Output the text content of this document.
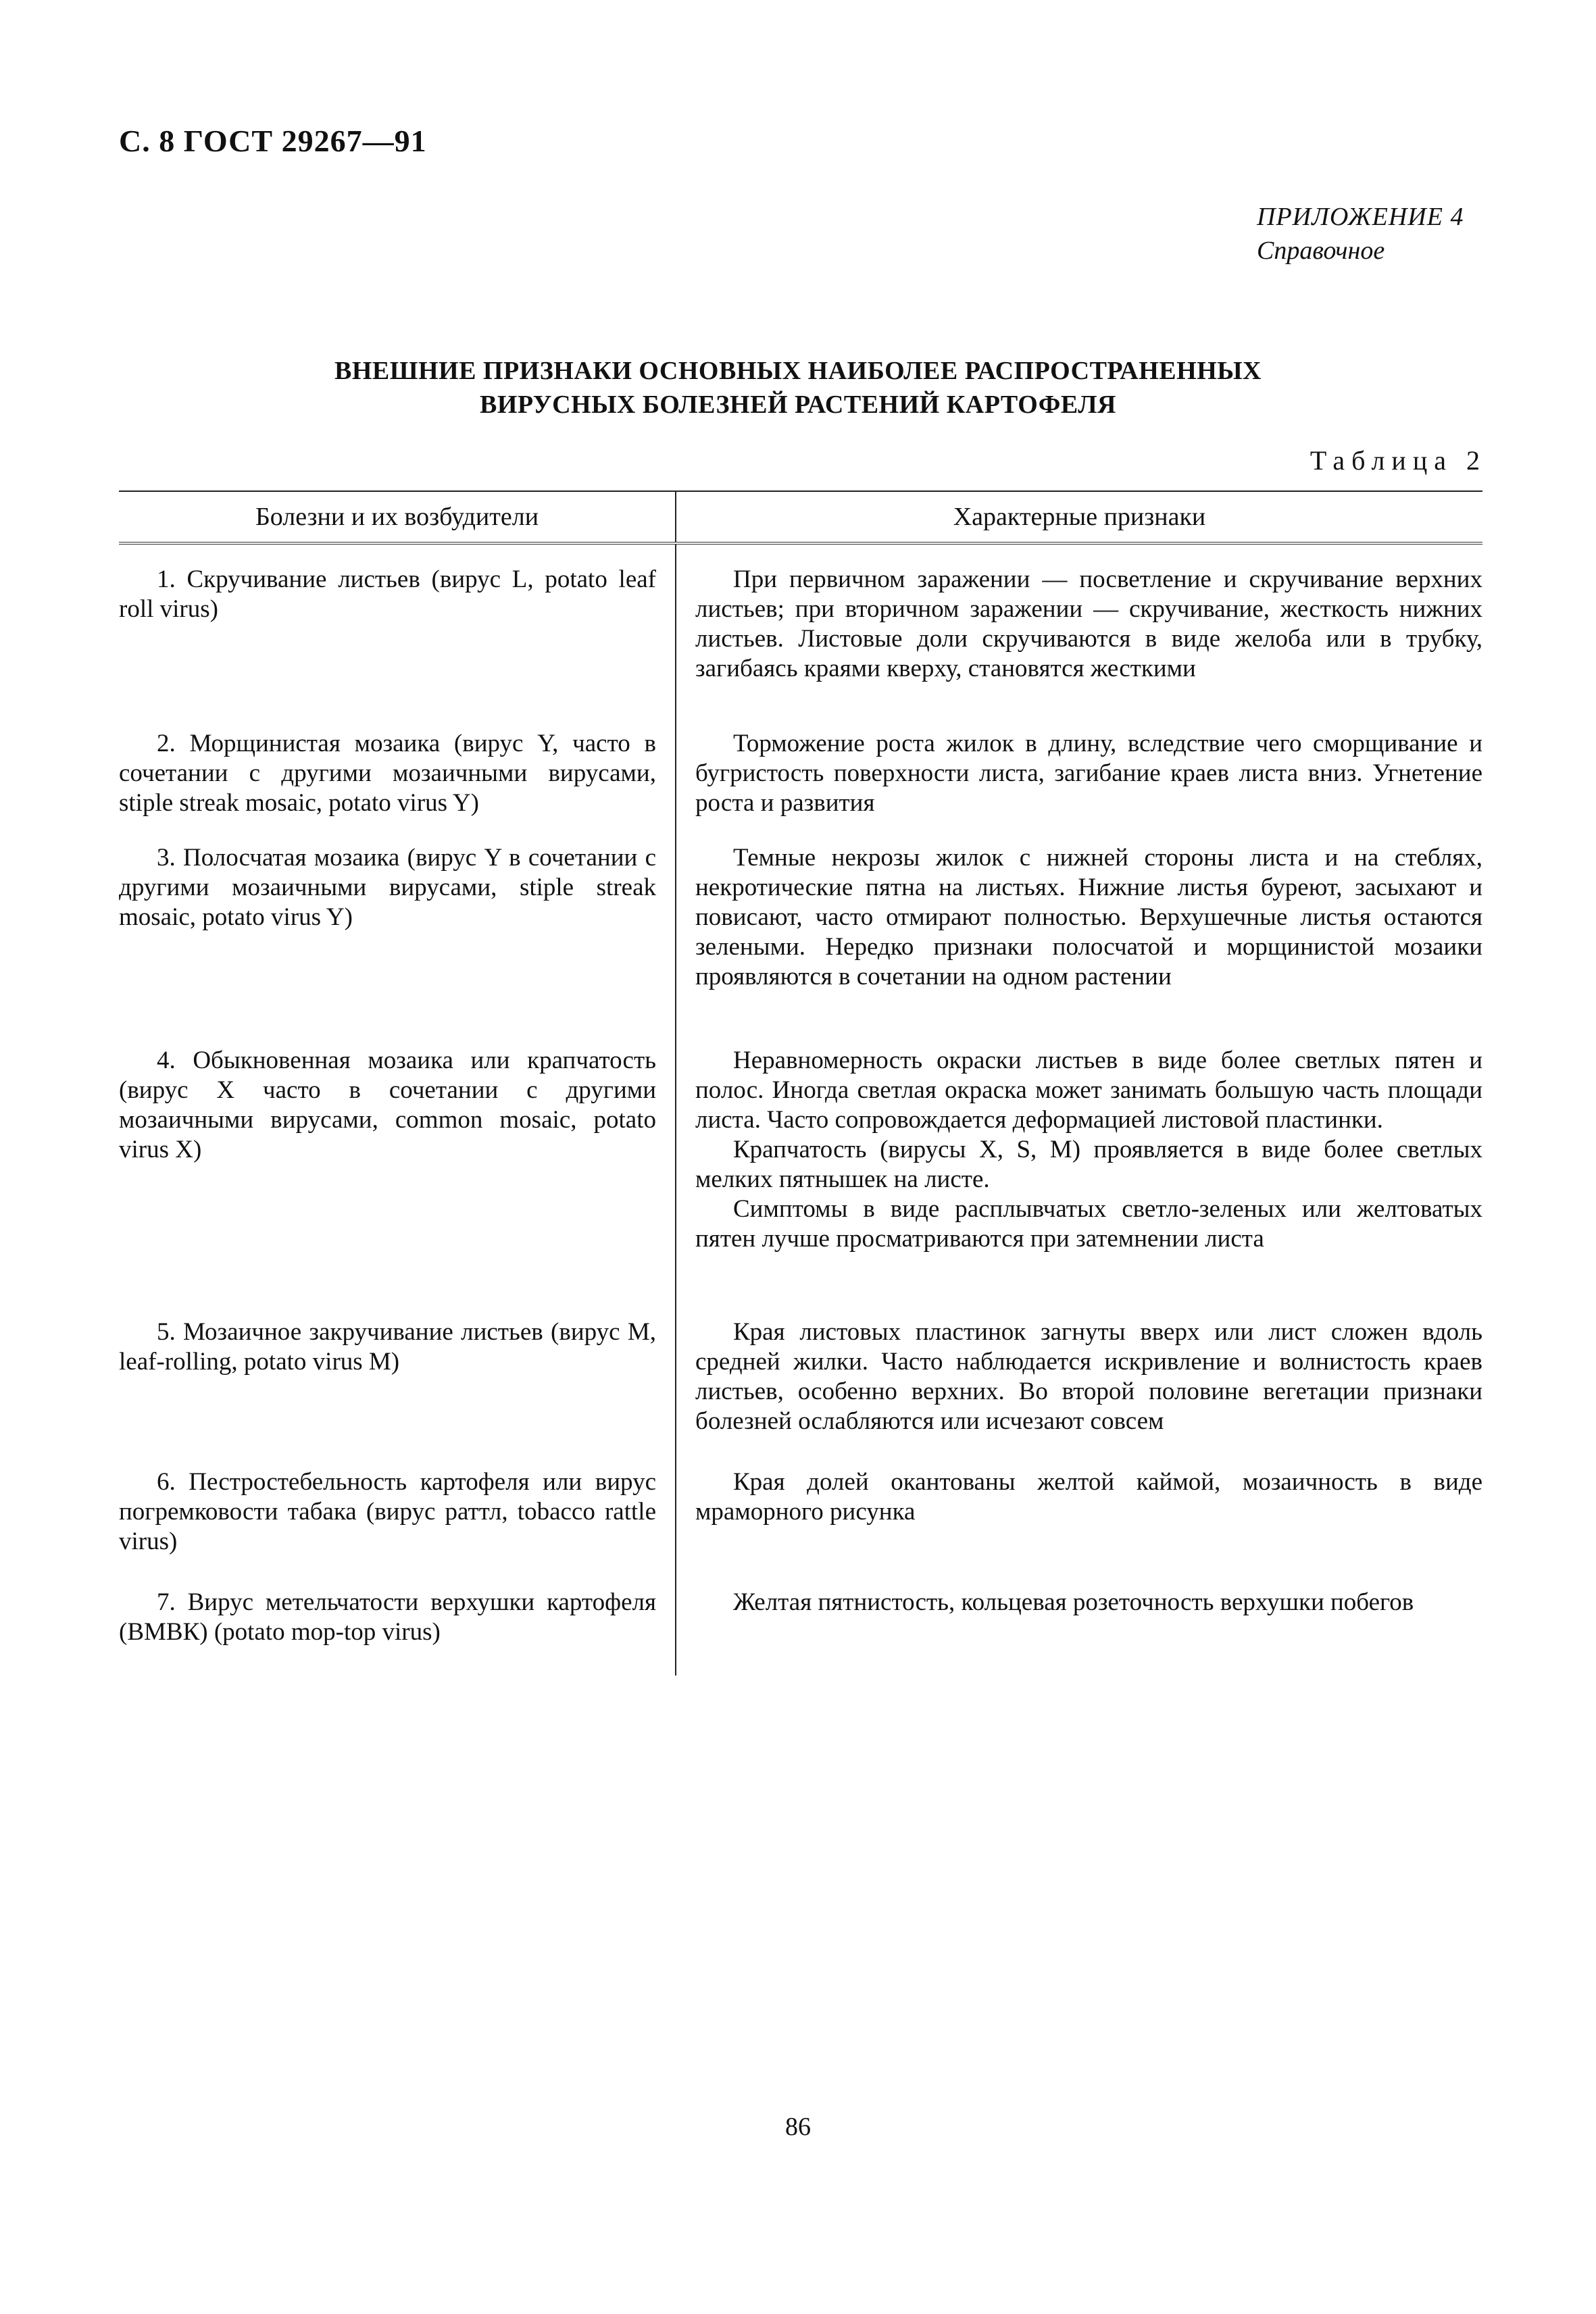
С. 8 ГОСТ 29267—91
ПРИЛОЖЕНИЕ 4
Справочное
ВНЕШНИЕ ПРИЗНАКИ ОСНОВНЫХ НАИБОЛЕЕ РАСПРОСТРАНЕННЫХ
ВИРУСНЫХ БОЛЕЗНЕЙ РАСТЕНИЙ КАРТОФЕЛЯ
Таблица 2
Болезни и их возбудители	Характерные признаки

1. Скручивание листьев (вирус L, potato leaf roll virus)	При первичном заражении — посветление и скручивание верхних листьев; при вторичном заражении — скручивание, жесткость нижних листьев. Листовые доли скручиваются в виде желоба или в трубку, загибаясь краями кверху, становятся жесткими

2. Морщинистая мозаика (вирус Y, часто в сочетании с другими мозаичными вирусами, stiple streak mosaic, potato virus Y)	Торможение роста жилок в длину, вследствие чего сморщивание и бугристость поверхности листа, загибание краев листа вниз. Угнетение роста и развития

3. Полосчатая мозаика (вирус Y в сочетании с другими мозаичными вирусами, stiple streak mosaic, potato virus Y)	Темные некрозы жилок с нижней стороны листа и на стеблях, некротические пятна на листьях. Нижние листья буреют, засыхают и повисают, часто отмирают полностью. Верхушечные листья остаются зелеными. Нередко признаки полосчатой и морщинистой мозаики проявляются в сочетании на одном растении

4. Обыкновенная мозаика или крапчатость (вирус X часто в сочетании с другими мозаичными вирусами, common mosaic, potato virus X)	Неравномерность окраски листьев в виде более светлых пятен и полос. Иногда светлая окраска может занимать большую часть площади листа. Часто сопровождается деформацией листовой пластинки.

Крапчатость (вирусы X, S, M) проявляется в виде более светлых мелких пятнышек на листе.

Симптомы в виде расплывчатых светло-зеленых или желтоватых пятен лучше просматриваются при затемнении листа

5. Мозаичное закручивание листьев (вирус M, leaf-rolling, potato virus M)	Края листовых пластинок загнуты вверх или лист сложен вдоль средней жилки. Часто наблюдается искривление и волнистость краев листьев, особенно верхних. Во второй половине вегетации признаки болезней ослабляются или исчезают совсем

6. Пестростебельность картофеля или вирус погремковости табака (вирус раттл, tobacco rattle virus)	Края долей окантованы желтой каймой, мозаичность в виде мраморного рисунка

7. Вирус метельчатости верхушки картофеля (ВМВК) (potato mop-top virus)	Желтая пятнистость, кольцевая розеточность верхушки побегов

86
